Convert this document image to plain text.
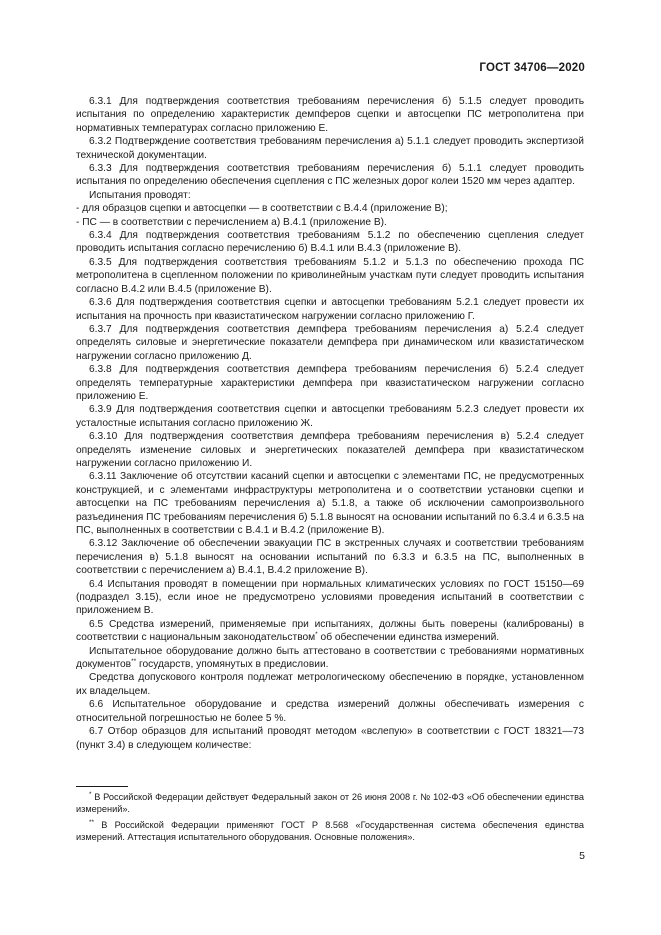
ГОСТ 34706—2020

6.3.1 Для подтверждения соответствия требованиям перечисления б) 5.1.5 следует проводить испытания по определению характеристик демпферов сцепки и автосцепки ПС метрополитена при нормативных температурах согласно приложению Е.

6.3.2 Подтверждение соответствия требованиям перечисления а) 5.1.1 следует проводить экспертизой технической документации.

6.3.3 Для подтверждения соответствия требованиям перечисления б) 5.1.1 следует проводить испытания по определению обеспечения сцепления с ПС железных дорог колеи 1520 мм через адаптер.

Испытания проводят:

- для образцов сцепки и автосцепки — в соответствии с В.4.4 (приложение В);

- ПС — в соответствии с перечислением а) В.4.1 (приложение В).

6.3.4 Для подтверждения соответствия требованиям 5.1.2 по обеспечению сцепления следует проводить испытания согласно перечислению б) В.4.1 или В.4.3 (приложение В).

6.3.5 Для подтверждения соответствия требованиям 5.1.2 и 5.1.3 по обеспечению прохода ПС метрополитена в сцепленном положении по криволинейным участкам пути следует проводить испытания согласно В.4.2 или В.4.5 (приложение В).

6.3.6 Для подтверждения соответствия сцепки и автосцепки требованиям 5.2.1 следует провести их испытания на прочность при квазистатическом нагружении согласно приложению Г.

6.3.7 Для подтверждения соответствия демпфера требованиям перечисления а) 5.2.4 следует определять силовые и энергетические показатели демпфера при динамическом или квазистатическом нагружении согласно приложению Д.

6.3.8 Для подтверждения соответствия демпфера требованиям перечисления б) 5.2.4 следует определять температурные характеристики демпфера при квазистатическом нагружении согласно приложению Е.

6.3.9 Для подтверждения соответствия сцепки и автосцепки требованиям 5.2.3 следует провести их усталостные испытания согласно приложению Ж.

6.3.10 Для подтверждения соответствия демпфера требованиям перечисления в) 5.2.4 следует определять изменение силовых и энергетических показателей демпфера при квазистатическом нагружении согласно приложению И.

6.3.11 Заключение об отсутствии касаний сцепки и автосцепки с элементами ПС, не предусмотренных конструкцией, и с элементами инфраструктуры метрополитена и о соответствии установки сцепки и автосцепки на ПС требованиям перечисления а) 5.1.8, а также об исключении самопроизвольного разъединения ПС требованиям перечисления б) 5.1.8 выносят на основании испытаний по 6.3.4 и 6.3.5 на ПС, выполненных в соответствии с В.4.1 и В.4.2 (приложение В).

6.3.12 Заключение об обеспечении эвакуации ПС в экстренных случаях и соответствии требованиям перечисления в) 5.1.8 выносят на основании испытаний по 6.3.3 и 6.3.5 на ПС, выполненных в соответствии с перечислением а) В.4.1, В.4.2 приложение В).

6.4 Испытания проводят в помещении при нормальных климатических условиях по ГОСТ 15150—69 (подраздел 3.15), если иное не предусмотрено условиями проведения испытаний в соответствии с приложением В.

6.5 Средства измерений, применяемые при испытаниях, должны быть поверены (калиброваны) в соответствии с национальным законодательством* об обеспечении единства измерений.

Испытательное оборудование должно быть аттестовано в соответствии с требованиями нормативных документов** государств, упомянутых в предисловии.

Средства допускового контроля подлежат метрологическому обеспечению в порядке, установленном их владельцем.

6.6 Испытательное оборудование и средства измерений должны обеспечивать измерения с относительной погрешностью не более 5 %.

6.7 Отбор образцов для испытаний проводят методом «вслепую» в соответствии с ГОСТ 18321—73 (пункт 3.4) в следующем количестве:

* В Российской Федерации действует Федеральный закон от 26 июня 2008 г. № 102-ФЗ «Об обеспечении единства измерений».

** В Российской Федерации применяют ГОСТ Р 8.568 «Государственная система обеспечения единства измерений. Аттестация испытательного оборудования. Основные положения».

5
